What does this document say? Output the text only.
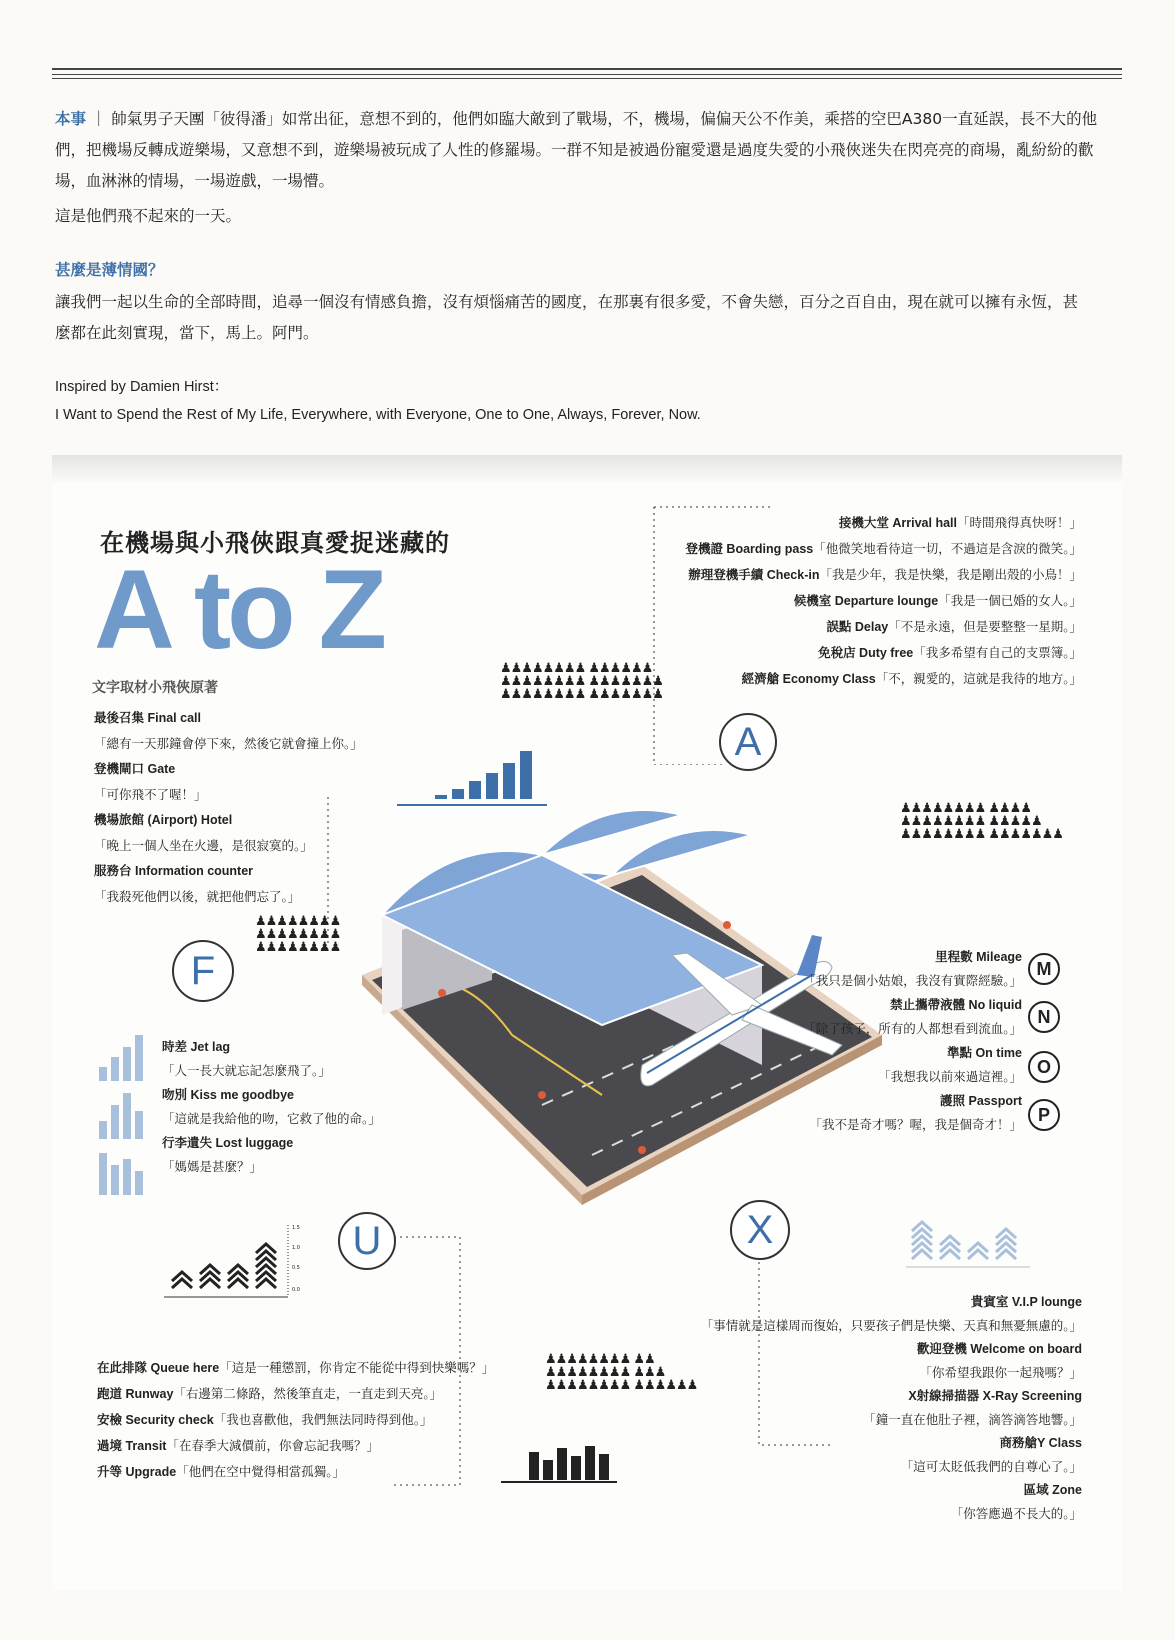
本事 ｜ 帥氣男子天團「彼得潘」如常出征，意想不到的，他們如臨大敵到了戰場，不，機場，偏偏天公不作美，乘搭的空巴A380一直延誤，長不大的他們，把機場反轉成遊樂場，又意想不到，遊樂場被玩成了人性的修羅場。一群不知是被過份寵愛還是過度失愛的小飛俠迷失在閃亮亮的商場，亂紛紛的歡場，血淋淋的情場，一場遊戲，一場懵。

這是他們飛不起來的一天。

甚麼是薄情國？

讓我們一起以生命的全部時間，追尋一個沒有情感負擔，沒有煩惱痛苦的國度，在那裏有很多愛，不會失戀，百分之百自由，現在就可以擁有永恆，甚麼都在此刻實現，當下，馬上。阿門。

Inspired by Damien Hirst：

I Want to Spend the Rest of My Life, Everywhere, with Everyone, One to One, Always, Forever, Now.

在機場與小飛俠跟真愛捉迷藏的
A to Z
文字取材小飛俠原著
接機大堂 Arrival hall「時間飛得真快呀！」
登機證 Boarding pass「他微笑地看待這一切，不過這是含淚的微笑。」
辦理登機手續 Check-in「我是少年，我是快樂，我是剛出殼的小鳥！」
候機室 Departure lounge「我是一個已婚的女人。」
誤點 Delay「不是永遠，但是要整整一星期。」
免稅店 Duty free「我多希望有自己的支票簿。」
經濟艙 Economy Class「不，親愛的，這就是我待的地方。」
A
最後召集 Final call
「總有一天那鐘會停下來，然後它就會撞上你。」
登機閘口 Gate
「可你飛不了喔！」
機場旅館 (Airport) Hotel
「晚上一個人坐在火邊，是很寂寞的。」
服務台 Information counter
「我殺死他們以後，就把他們忘了。」
F
♟♟♟♟♟♟♟♟ ♟♟♟♟♟♟
♟♟♟♟♟♟♟♟ ♟♟♟♟♟♟♟
♟♟♟♟♟♟♟♟ ♟♟♟♟♟♟♟
♟♟♟♟♟♟♟♟ ♟♟♟♟
♟♟♟♟♟♟♟♟ ♟♟♟♟♟
♟♟♟♟♟♟♟♟ ♟♟♟♟♟♟♟
♟♟♟♟♟♟♟♟
♟♟♟♟♟♟♟♟
♟♟♟♟♟♟♟♟
♟♟♟♟♟♟♟♟ ♟♟
♟♟♟♟♟♟♟♟ ♟♟♟
♟♟♟♟♟♟♟♟ ♟♟♟♟♟♟
里程數 Mileage
「我只是個小姑娘，我沒有實際經驗。」
禁止攜帶液體 No liquid
「除了孩子，所有的人都想看到流血。」
準點 On time
「我想我以前來過這裡。」
護照 Passport
「我不是奇才嗎？喔，我是個奇才！」
M
N
O
P
時差 Jet lag
「人一長大就忘記怎麼飛了。」
吻別 Kiss me goodbye
「這就是我給他的吻，它救了他的命。」
行李遺失 Lost luggage
「媽媽是甚麼？」
1.5
1.0
0.5
0.0
U	X
在此排隊 Queue here「這是一種懲罰，你肯定不能從中得到快樂嗎？」
跑道 Runway「右邊第二條路，然後筆直走，一直走到天亮。」
安檢 Security check「我也喜歡他，我們無法同時得到他。」
過境 Transit「在春季大減價前，你會忘記我嗎？」
升等 Upgrade「他們在空中覺得相當孤獨。」
貴賓室 V.I.P lounge
「事情就是這樣周而復始，只要孩子們是快樂、天真和無憂無慮的。」
歡迎登機 Welcome on board
「你希望我跟你一起飛嗎？」
X射線掃描器 X-Ray Screening
「鐘一直在他肚子裡，滴答滴答地響。」
商務艙Y Class
「這可太貶低我們的自尊心了。」
區域 Zone
「你答應過不長大的。」
